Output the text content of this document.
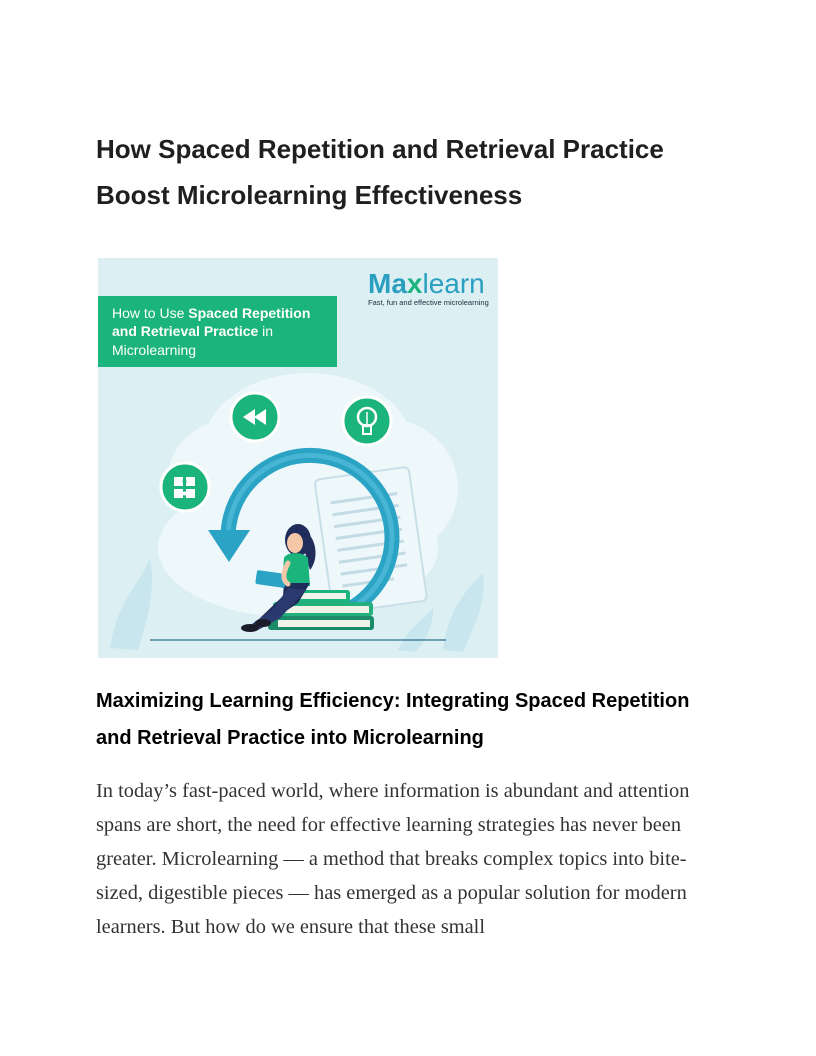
How Spaced Repetition and Retrieval Practice Boost Microlearning Effectiveness
How to Use Spaced Repetition
and Retrieval Practice in
Microlearning
Maxlearn
Fast, fun and effective microlearning
Maximizing Learning Efficiency: Integrating Spaced Repetition and Retrieval Practice into Microlearning

In today’s fast-paced world, where information is abundant and attention spans are short, the need for effective learning strategies has never been greater. Microlearning — a method that breaks complex topics into bite-sized, digestible pieces — has emerged as a popular solution for modern learners. But how do we ensure that these small
